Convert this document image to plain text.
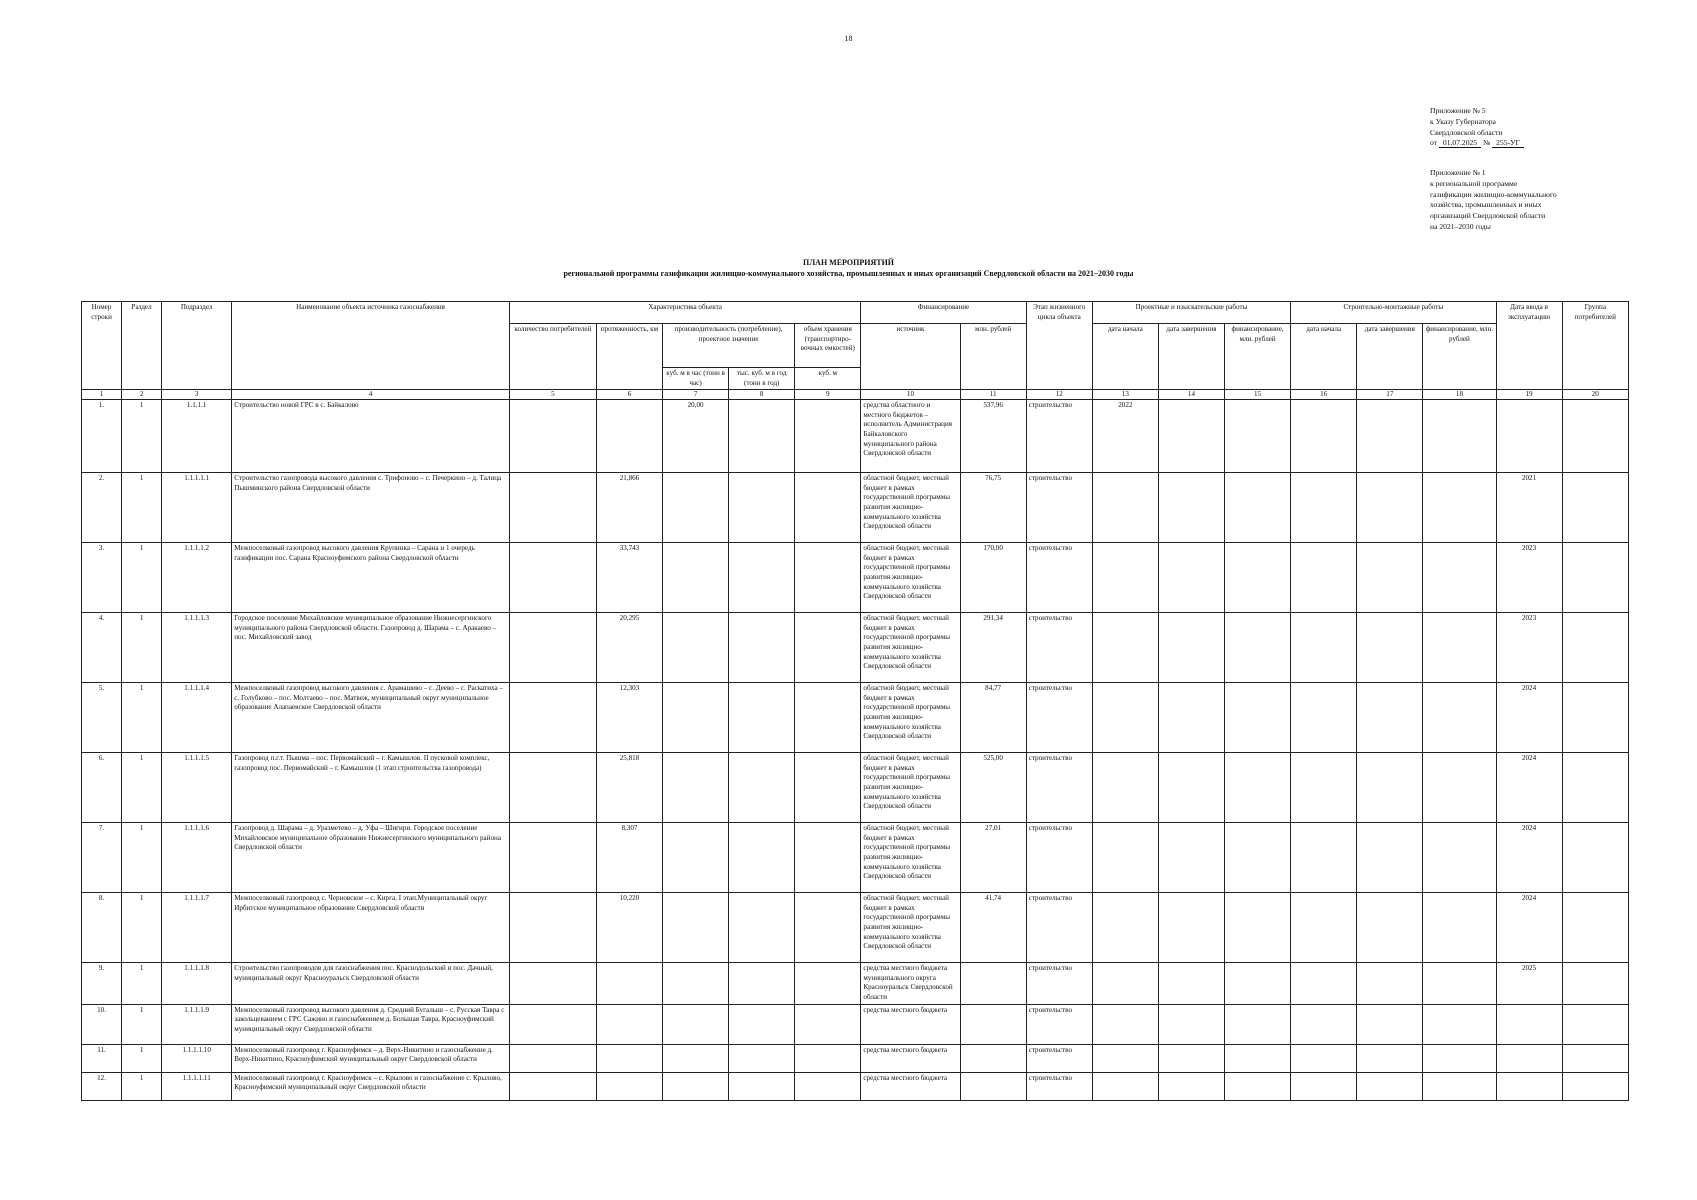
18
Приложение № 5
к Указу Губернатора
Свердловской области
от 01.07.2025 № 255-УГ
Приложение № 1
к региональной программе
газификации жилищно-коммунального
хозяйства, промышленных и иных
организаций Свердловской области
на 2021–2030 годы
ПЛАН МЕРОПРИЯТИЙ
региональной программы газификации жилищно-коммунального хозяйства, промышленных и иных организаций Свердловской области на 2021–2030 годы
Номер строки	Раздел	Подраздел	Наименование объекта источника газоснабжения	Характеристика объекта					Финансирование		Этап жизненного цикла объекта	Проектные и изыскательские работы			Строительно-монтажные работы			Дата ввода в эксплуатацию	Группа потребителей
				количество потребителей	протяженность, км	производительность (потребление), проектное значение		объем хранения (транспортиро-вочных емкостей)	источник	млн. рублей		дата начала	дата завершения	финансирование, млн. рублей	дата начала	дата завершения	финансирование, млн. рублей		
						куб. м в час (тонн в час)	тыс. куб. м в год (тонн в год)	куб. м											
1	2	3	4	5	6	7	8	9	10	11	12	13	14	15	16	17	18	19	20
1.	1	1.1.1.1	Строительство новой ГРС в с. Байкалово			20,00			средства областного и местного бюджетов – исполнитель Администрация Байкаловского муниципального района Свердловской области	537,96	строительство	2022							
2.	1	1.1.1.1.1	Строительство газопровода высокого давления с. Трифоново – с. Печеркино – д. Талица Пышминского района Свердловской области		21,866				областной бюджет, местный бюджет в рамках государственной программы развития жилищно-коммунального хозяйства Свердловской области	76,75	строительство							2021	
3.	1	1.1.1.1.2	Межпоселковый газопровод высокого давления Крупинка – Сарана и 1 очередь газификации пос. Сарана Красноуфимского района Свердловской области		33,743				областной бюджет, местный бюджет в рамках государственной программы развития жилищно-коммунального хозяйства Свердловской области	170,00	строительство							2023	
4.	1	1.1.1.1.3	Городское поселение Михайловское муниципальное образование Нижнесергинского муниципального района Свердловской области. Газопровод д. Шарама – с. Аракаево – пос. Михайловский завод		20,295				областной бюджет, местный бюджет в рамках государственной программы развития жилищно-коммунального хозяйства Свердловской области	291,34	строительство							2023	
5.	1	1.1.1.1.4	Межпоселковый газопровод высокого давления с. Арамашево – с. Деево – с. Раскатиха – с. Голубково – пос. Молтаево – пос. Матвеж, муниципальный округ муниципальное образование Алапаевское Свердловской области		12,303				областной бюджет, местный бюджет в рамках государственной программы развития жилищно-коммунального хозяйства Свердловской области	84,77	строительство							2024	
6.	1	1.1.1.1.5	Газопровод п.г.т. Пышма – пос. Первомайский – г. Камышлов. II пусковой комплекс, газопровод пос. Первомайский – г. Камышлов (1 этап строительства газопровода)		25,818				областной бюджет, местный бюджет в рамках государственной программы развития жилищно-коммунального хозяйства Свердловской области	525,00	строительство							2024	
7.	1	1.1.1.1.6	Газопровод д. Шарама – д. Уразметево – д. Уфа – Шигири. Городское поселение Михайловское муниципальное образование Нижнесергинского муниципального района Свердловской области		8,307				областной бюджет, местный бюджет в рамках государственной программы развития жилищно-коммунального хозяйства Свердловской области	27,01	строительство							2024	
8.	1	1.1.1.1.7	Межпоселковый газопровод с. Черновское – с. Кирга. I этап.Муниципальный округ Ирбитское муниципальное образование Свердловской области		10,220				областной бюджет, местный бюджет в рамках государственной программы развития жилищно-коммунального хозяйства Свердловской области	41,74	строительство							2024	
9.	1	1.1.1.1.8	Строительство газопроводов для газоснабжения пос. Краснодольский и пос. Дачный, муниципальный округ Красноуральск Свердловской области						средства местного бюджета муниципального округа Красноуральск Свердловской области		строительство							2025	
10.	1	1.1.1.1.9	Межпоселковый газопровод высокого давления д. Средний Бугалыш – с. Русская Тавра с закольцеванием с ГРС Сажино и газоснабжением д. Большая Тавра, Красноуфимский муниципальный округ Свердловской области						средства местного бюджета		строительство								
11.	1	1.1.1.1.10	Межпоселковый газопровод г. Красноуфимск – д. Верх-Никитино и газоснабжение д. Верх-Никитино, Красноуфимский муниципальный округ Свердловской области						средства местного бюджета		строительство								
12.	1	1.1.1.1.11	Межпоселковый газопровод г. Красноуфимск – с. Крылово и газоснабжение с. Крылово, Красноуфимский муниципальный округ Свердловской области						средства местного бюджета		строительство								
